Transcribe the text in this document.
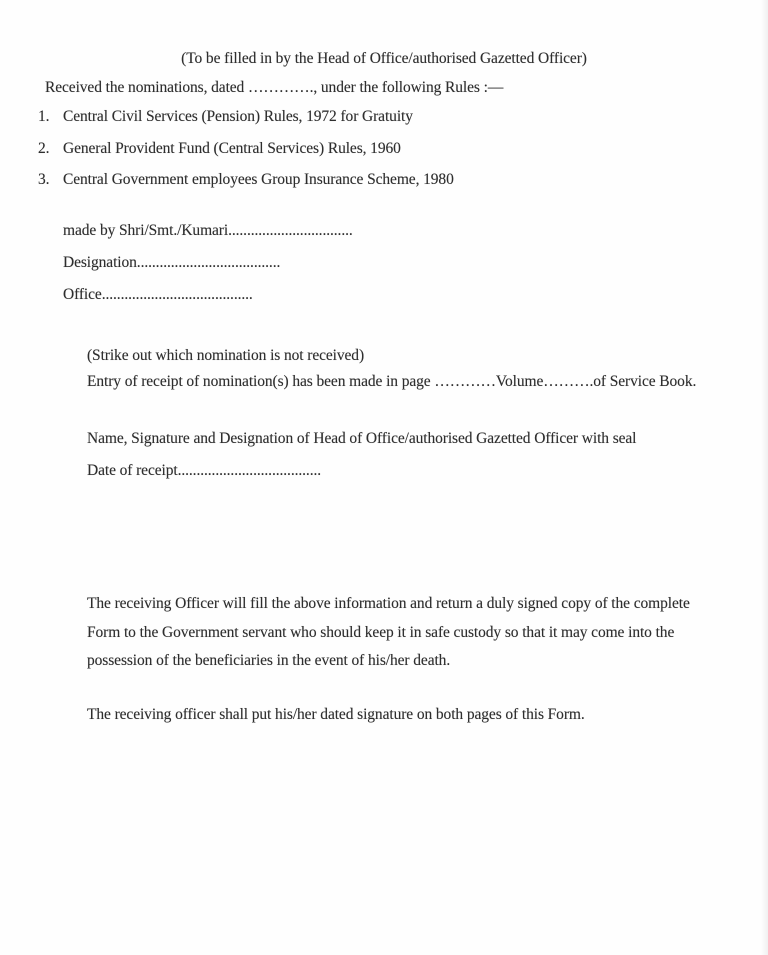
(To be filled in by the Head of Office/authorised Gazetted Officer)
Received the nominations, dated …………., under the following Rules :—
1. Central Civil Services (Pension) Rules, 1972 for Gratuity
2. General Provident Fund (Central Services) Rules, 1960
3. Central Government employees Group Insurance Scheme, 1980
made by Shri/Smt./Kumari.................................
Designation......................................
Office........................................
(Strike out which nomination is not received)
Entry of receipt of nomination(s) has been made in page …………Volume……….of Service Book.
Name, Signature and Designation of Head of Office/authorised Gazetted Officer with seal
Date of receipt......................................
The receiving Officer will fill the above information and return a duly signed copy of the complete
Form to the Government servant who should keep it in safe custody so that it may come into the
possession of the beneficiaries in the event of his/her death.
The receiving officer shall put his/her dated signature on both pages of this Form.
